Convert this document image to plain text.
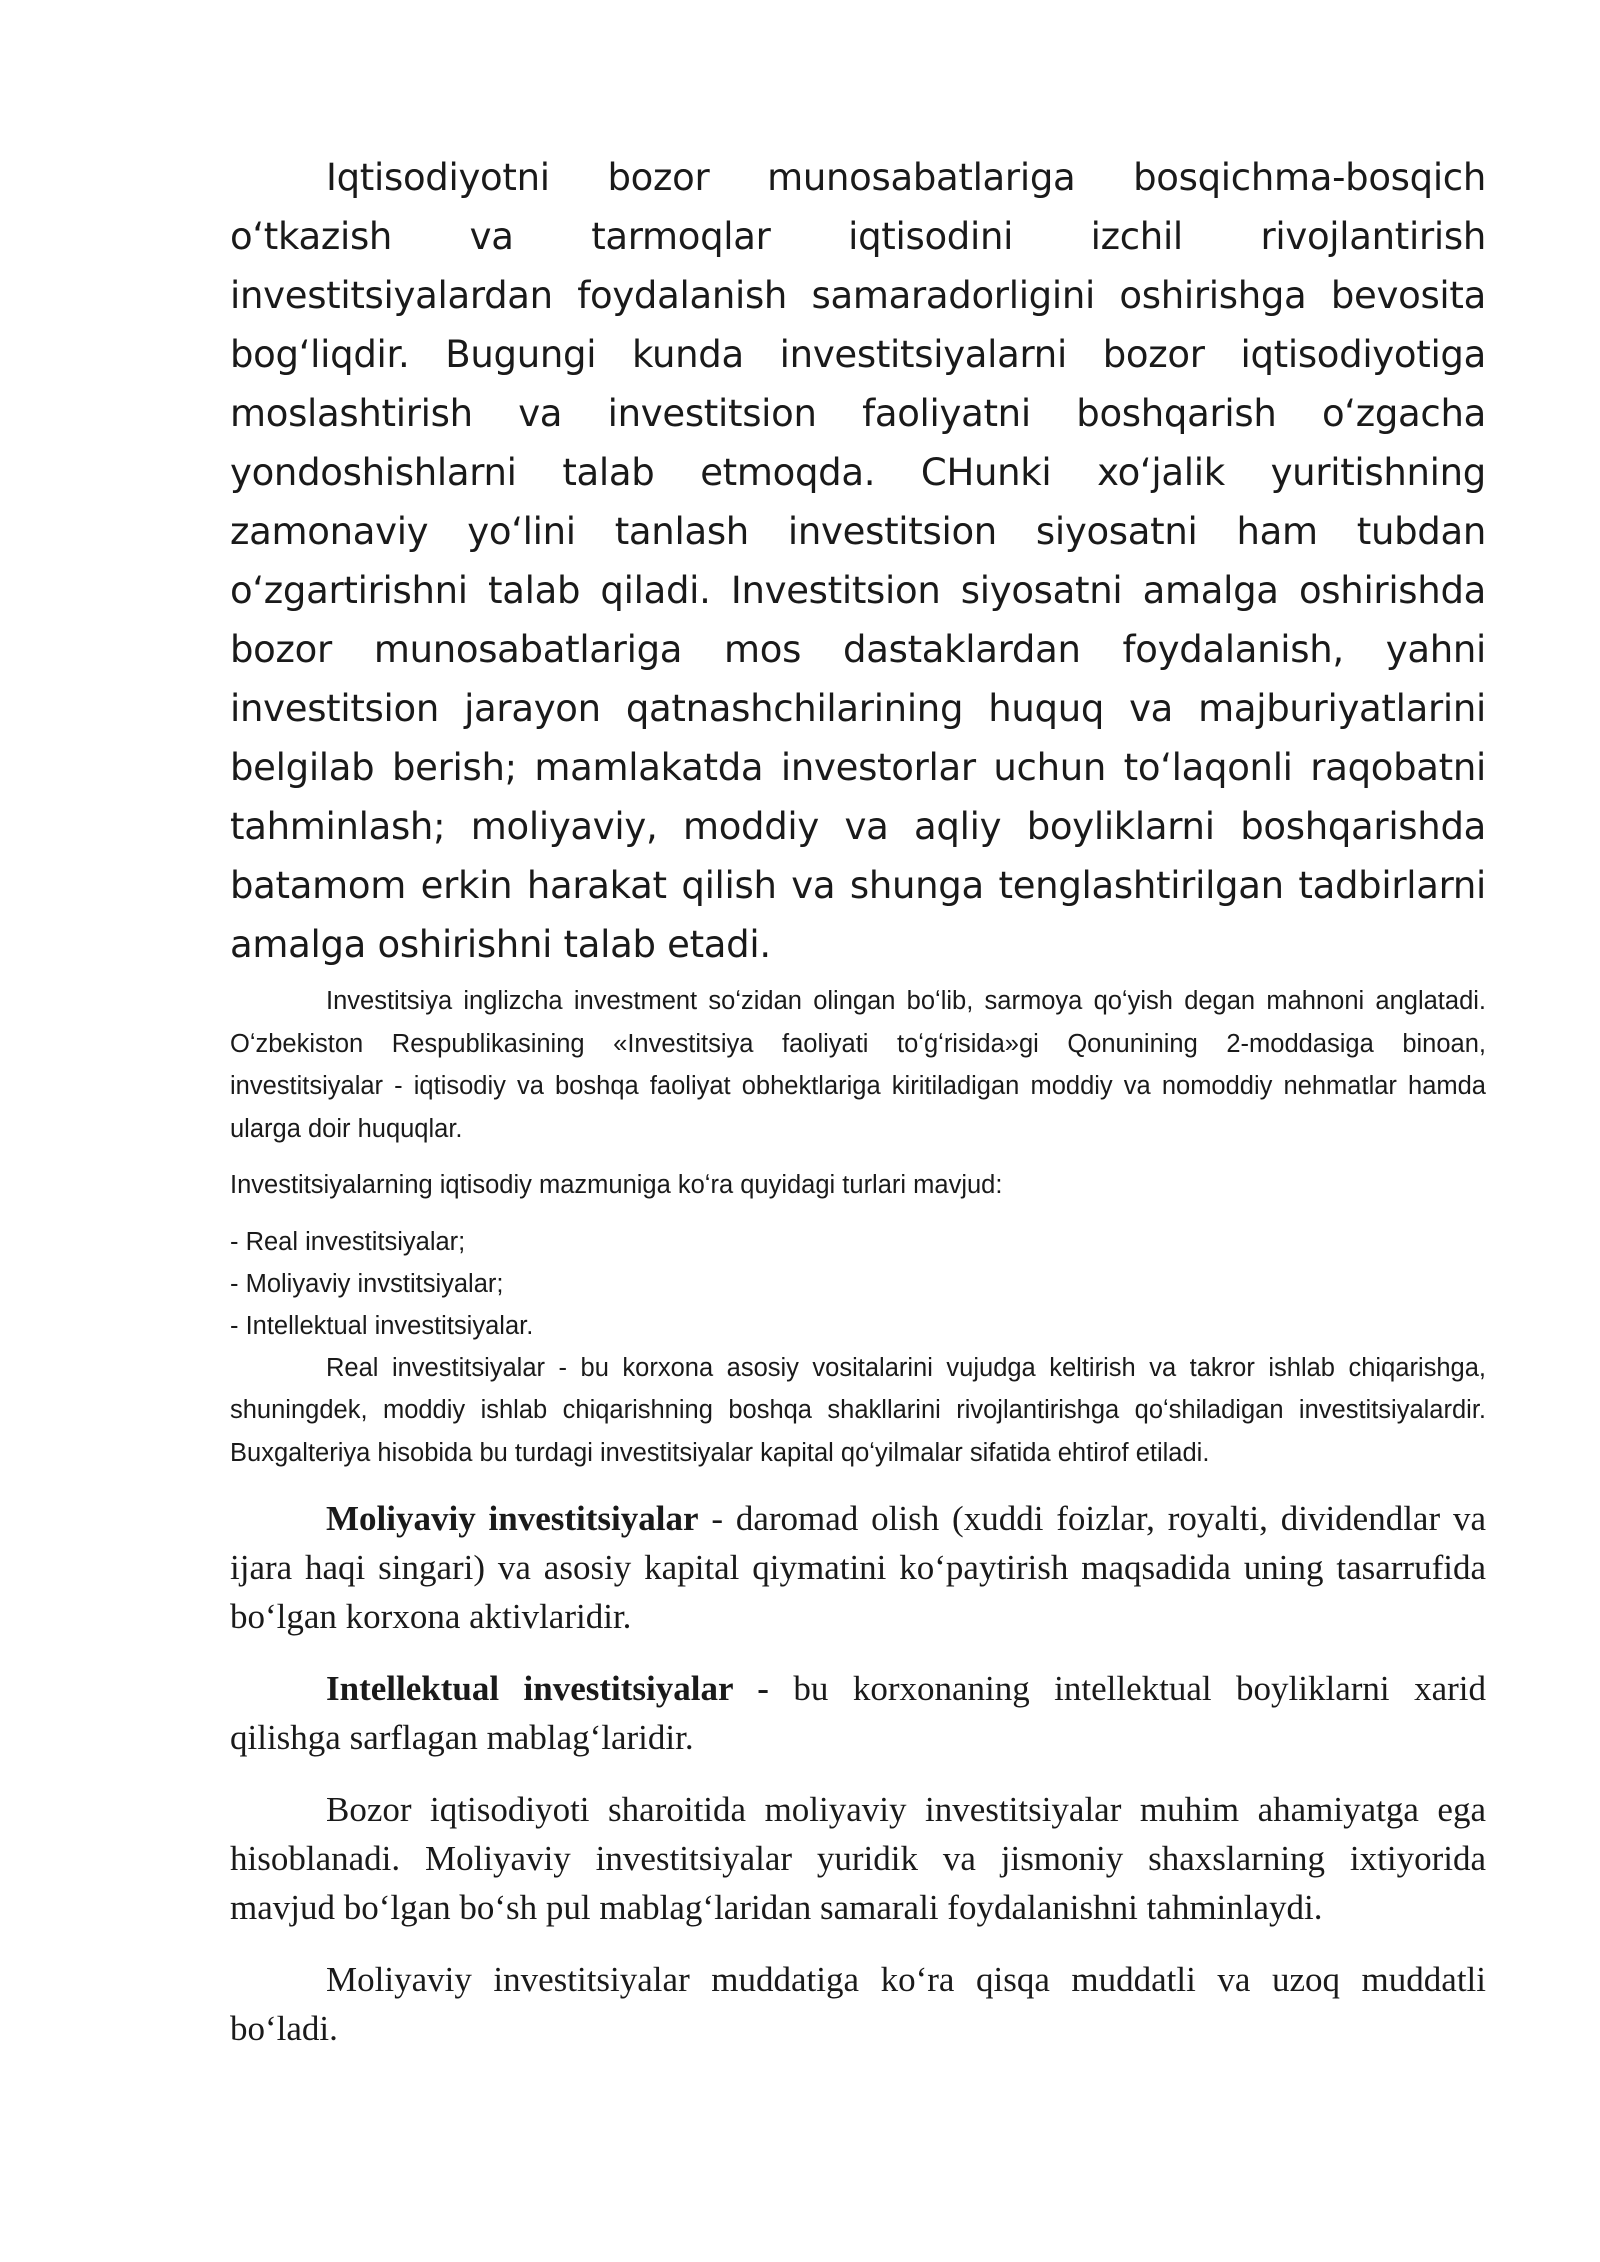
Iqtisodiyotni bozor munosabatlariga bosqichma-bosqich oʻtkazish va tarmoqlar iqtisodini izchil rivojlantirish investitsiyalardan foydalanish samaradorligini oshirishga bevosita bogʻliqdir. Bugungi kunda investitsiyalarni bozor iqtisodiyotiga moslashtirish va investitsion faoliyatni boshqarish oʻzgacha yondoshishlarni talab etmoqda. CHunki xoʻjalik yuritishning zamonaviy yoʻlini tanlash investitsion siyosatni ham tubdan oʻzgartirishni talab qiladi. Investitsion siyosatni amalga oshirishda bozor munosabatlariga mos dastaklardan foydalanish, yahni investitsion jarayon qatnashchilarining huquq va majburiyatlarini belgilab berish; mamlakatda investorlar uchun toʻlaqonli raqobatni tahminlash; moliyaviy, moddiy va aqliy boyliklarni boshqarishda batamom erkin harakat qilish va shunga tenglashtirilgan tadbirlarni amalga oshirishni talab etadi.

Investitsiya inglizcha investment soʻzidan olingan boʻlib, sarmoya qoʻyish degan mahnoni anglatadi. Oʻzbekiston Respublikasining «Investitsiya faoliyati toʻgʻrisida»gi Qonunining 2-moddasiga binoan, investitsiyalar - iqtisodiy va boshqa faoliyat obhektlariga kiritiladigan moddiy va nomoddiy nehmatlar hamda ularga doir huquqlar.

Investitsiyalarning iqtisodiy mazmuniga koʻra quyidagi turlari mavjud:

- Real investitsiyalar;
- Moliyaviy invstitsiyalar;
- Intellektual investitsiyalar.

Real investitsiyalar - bu korxona asosiy vositalarini vujudga keltirish va takror ishlab chiqarishga, shuningdek, moddiy ishlab chiqarishning boshqa shakllarini rivojlantirishga qoʻshiladigan investitsiyalardir. Buxgalteriya hisobida bu turdagi investitsiyalar kapital qoʻyilmalar sifatida ehtirof etiladi.

Moliyaviy investitsiyalar - daromad olish (xuddi foizlar, royalti, dividendlar va ijara haqi singari) va asosiy kapital qiymatini koʻpaytirish maqsadida uning tasarrufida boʻlgan korxona aktivlaridir.

Intellektual investitsiyalar - bu korxonaning intellektual boyliklarni xarid qilishga sarflagan mablagʻlaridir.

Bozor iqtisodiyoti sharoitida moliyaviy investitsiyalar muhim ahamiyatga ega hisoblanadi. Moliyaviy investitsiyalar yuridik va jismoniy shaxslarning ixtiyorida mavjud boʻlgan boʻsh pul mablagʻlaridan samarali foydalanishni tahminlaydi.

Moliyaviy investitsiyalar muddatiga koʻra qisqa muddatli va uzoq muddatli boʻladi.
